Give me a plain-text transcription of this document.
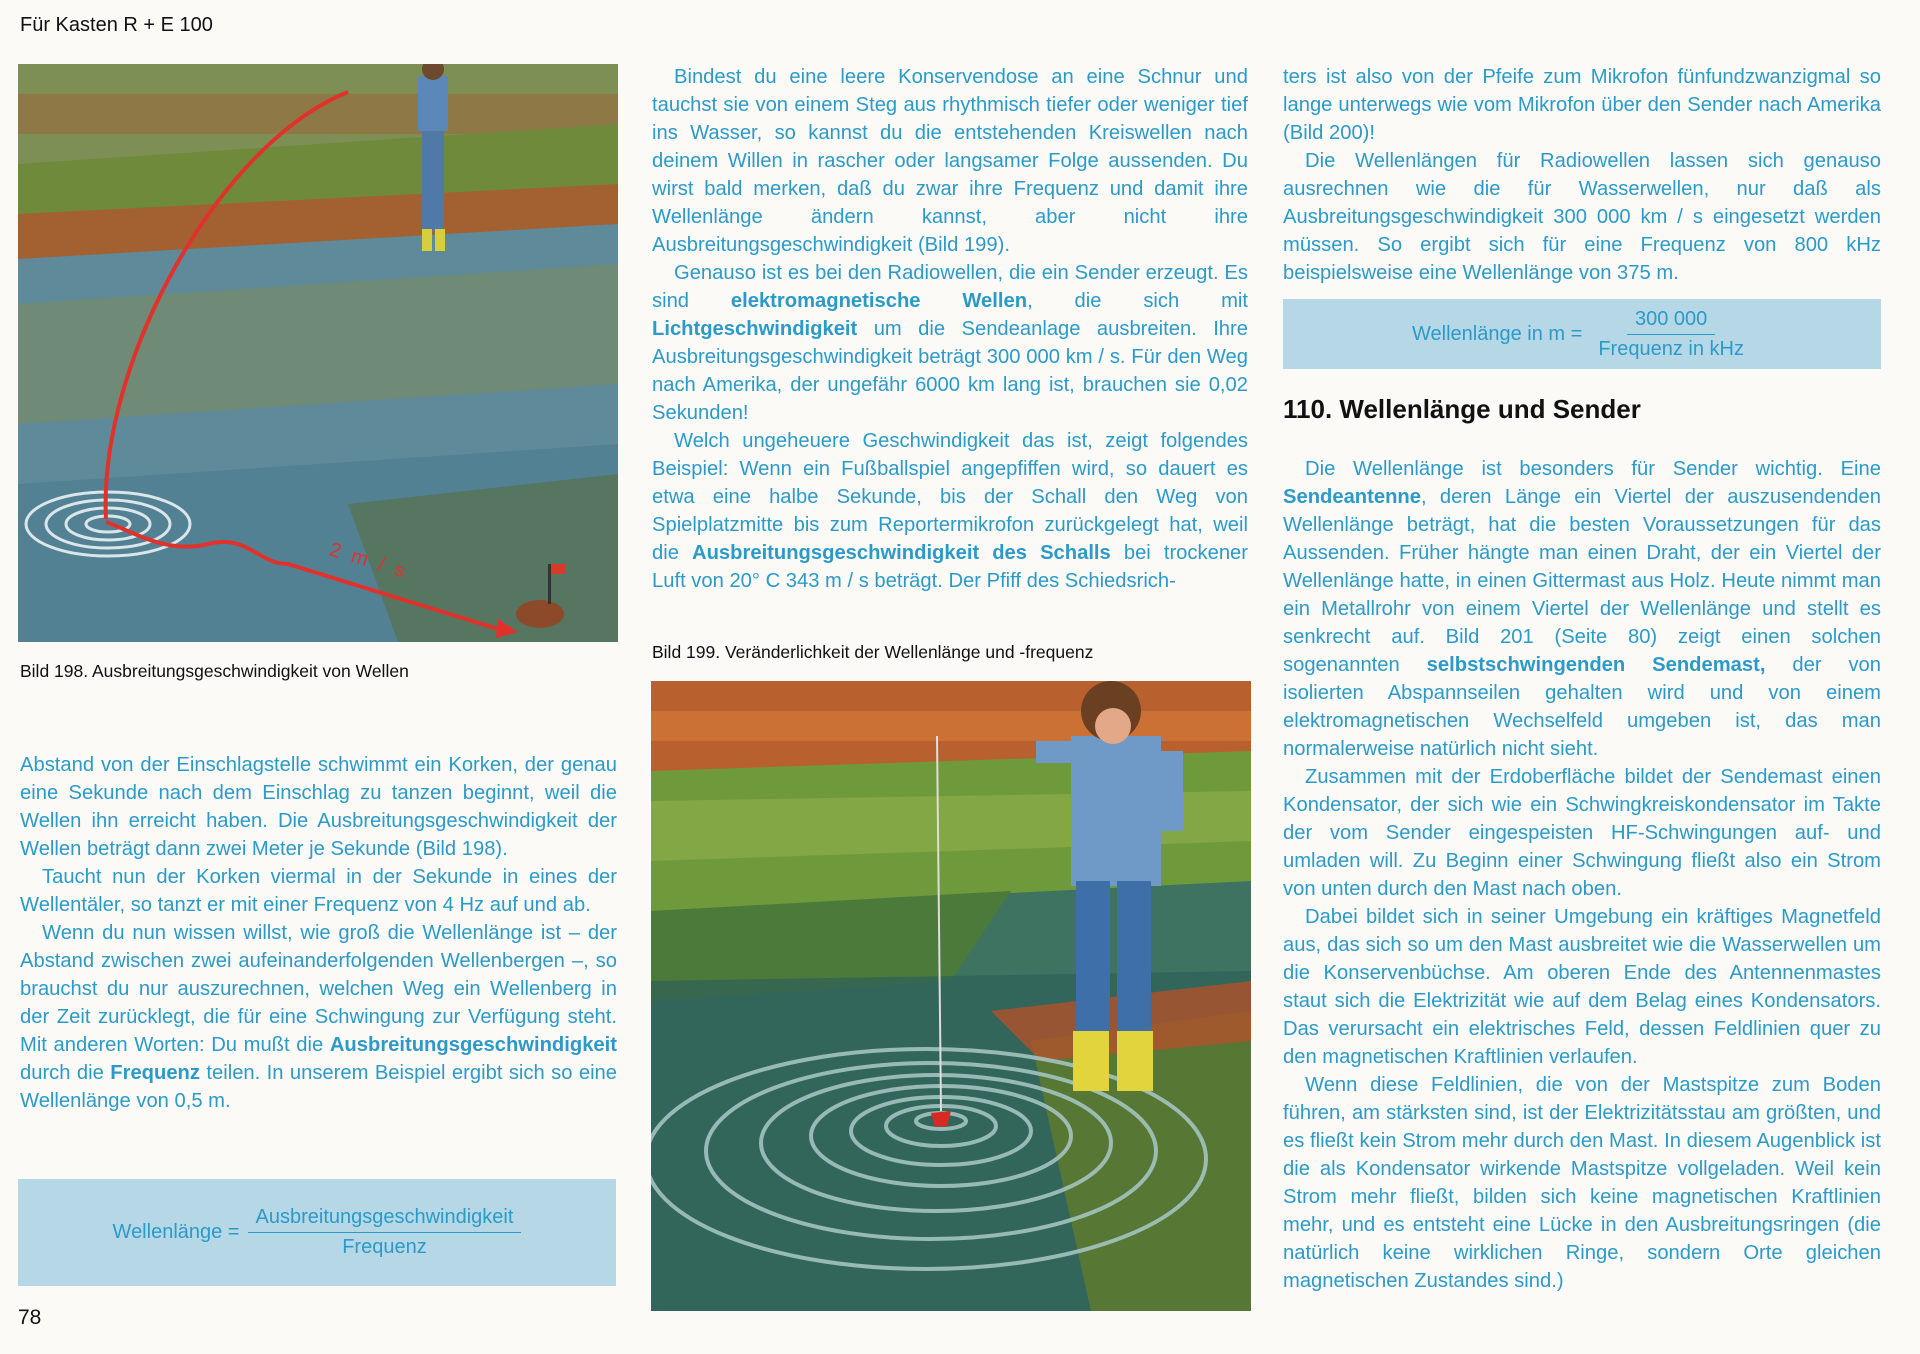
Für Kasten R + E 100
2 m / s
Bild 198. Ausbreitungsgeschwindigkeit von Wellen

Abstand von der Einschlagstelle schwimmt ein Korken, der genau eine Sekunde nach dem Einschlag zu tanzen beginnt, weil die Wellen ihn erreicht haben. Die Ausbreitungsgeschwindigkeit der Wellen beträgt dann zwei Meter je Sekunde (Bild 198).

Taucht nun der Korken viermal in der Sekunde in eines der Wellentäler, so tanzt er mit einer Frequenz von 4 Hz auf und ab.

Wenn du nun wissen willst, wie groß die Wellenlänge ist – der Abstand zwischen zwei aufeinanderfolgenden Wellenbergen –, so brauchst du nur auszurechnen, welchen Weg ein Wellenberg in der Zeit zurücklegt, die für eine Schwingung zur Verfügung steht. Mit anderen Worten: Du mußt die Ausbreitungsgeschwindigkeit durch die Frequenz teilen. In unserem Beispiel ergibt sich so eine Wellenlänge von 0,5 m.

Wellenlänge = $\frac{\text{Ausbreitungsgeschwindigkeit}}{\text{Frequenz}}$
78

Bindest du eine leere Konservendose an eine Schnur und tauchst sie von einem Steg aus rhythmisch tiefer oder weniger tief ins Wasser, so kannst du die entstehenden Kreiswellen nach deinem Willen in rascher oder langsamer Folge aussenden. Du wirst bald merken, daß du zwar ihre Frequenz und damit ihre Wellenlänge ändern kannst, aber nicht ihre Ausbreitungsgeschwindigkeit (Bild 199).

Genauso ist es bei den Radiowellen, die ein Sender erzeugt. Es sind elektromagnetische Wellen, die sich mit Lichtgeschwindigkeit um die Sendeanlage ausbreiten. Ihre Ausbreitungsgeschwindigkeit beträgt 300 000 km / s. Für den Weg nach Amerika, der ungefähr 6000 km lang ist, brauchen sie 0,02 Sekunden!

Welch ungeheuere Geschwindigkeit das ist, zeigt folgendes Beispiel: Wenn ein Fußballspiel angepfiffen wird, so dauert es etwa eine halbe Sekunde, bis der Schall den Weg von Spielplatzmitte bis zum Reportermikrofon zurückgelegt hat, weil die Ausbreitungsgeschwindigkeit des Schalls bei trockener Luft von 20° C 343 m / s beträgt. Der Pfiff des Schiedsrich-

Bild 199. Veränderlichkeit der Wellenlänge und -frequenz

ters ist also von der Pfeife zum Mikrofon fünfundzwanzigmal so lange unterwegs wie vom Mikrofon über den Sender nach Amerika (Bild 200)!

Die Wellenlängen für Radiowellen lassen sich genauso ausrechnen wie die für Wasserwellen, nur daß als Ausbreitungsgeschwindigkeit 300 000 km / s eingesetzt werden müssen. So ergibt sich für eine Frequenz von 800 kHz beispielsweise eine Wellenlänge von 375 m.

Wellenlänge in $m = \frac{300 000}{\text{Frequenz in kHz}}$
110. Wellenlänge und Sender

Die Wellenlänge ist besonders für Sender wichtig. Eine Sendeantenne, deren Länge ein Viertel der auszusendenden Wellenlänge beträgt, hat die besten Voraussetzungen für das Aussenden. Früher hängte man einen Draht, der ein Viertel der Wellenlänge hatte, in einen Gittermast aus Holz. Heute nimmt man ein Metallrohr von einem Viertel der Wellenlänge und stellt es senkrecht auf. Bild 201 (Seite 80) zeigt einen solchen sogenannten selbstschwingenden Sendemast, der von isolierten Abspannseilen gehalten wird und von einem elektromagnetischen Wechselfeld umgeben ist, das man normalerweise natürlich nicht sieht.

Zusammen mit der Erdoberfläche bildet der Sendemast einen Kondensator, der sich wie ein Schwingkreiskondensator im Takte der vom Sender eingespeisten HF-Schwingungen auf- und umladen will. Zu Beginn einer Schwingung fließt also ein Strom von unten durch den Mast nach oben.

Dabei bildet sich in seiner Umgebung ein kräftiges Magnetfeld aus, das sich so um den Mast ausbreitet wie die Wasserwellen um die Konservenbüchse. Am oberen Ende des Antennenmastes staut sich die Elektrizität wie auf dem Belag eines Kondensators. Das verursacht ein elektrisches Feld, dessen Feldlinien quer zu den magnetischen Kraftlinien verlaufen.

Wenn diese Feldlinien, die von der Mastspitze zum Boden führen, am stärksten sind, ist der Elektrizitätsstau am größten, und es fließt kein Strom mehr durch den Mast. In diesem Augenblick ist die als Kondensator wirkende Mastspitze vollgeladen. Weil kein Strom mehr fließt, bilden sich keine magnetischen Kraftlinien mehr, und es entsteht eine Lücke in den Ausbreitungsringen (die natürlich keine wirklichen Ringe, sondern Orte gleichen magnetischen Zustandes sind.)
